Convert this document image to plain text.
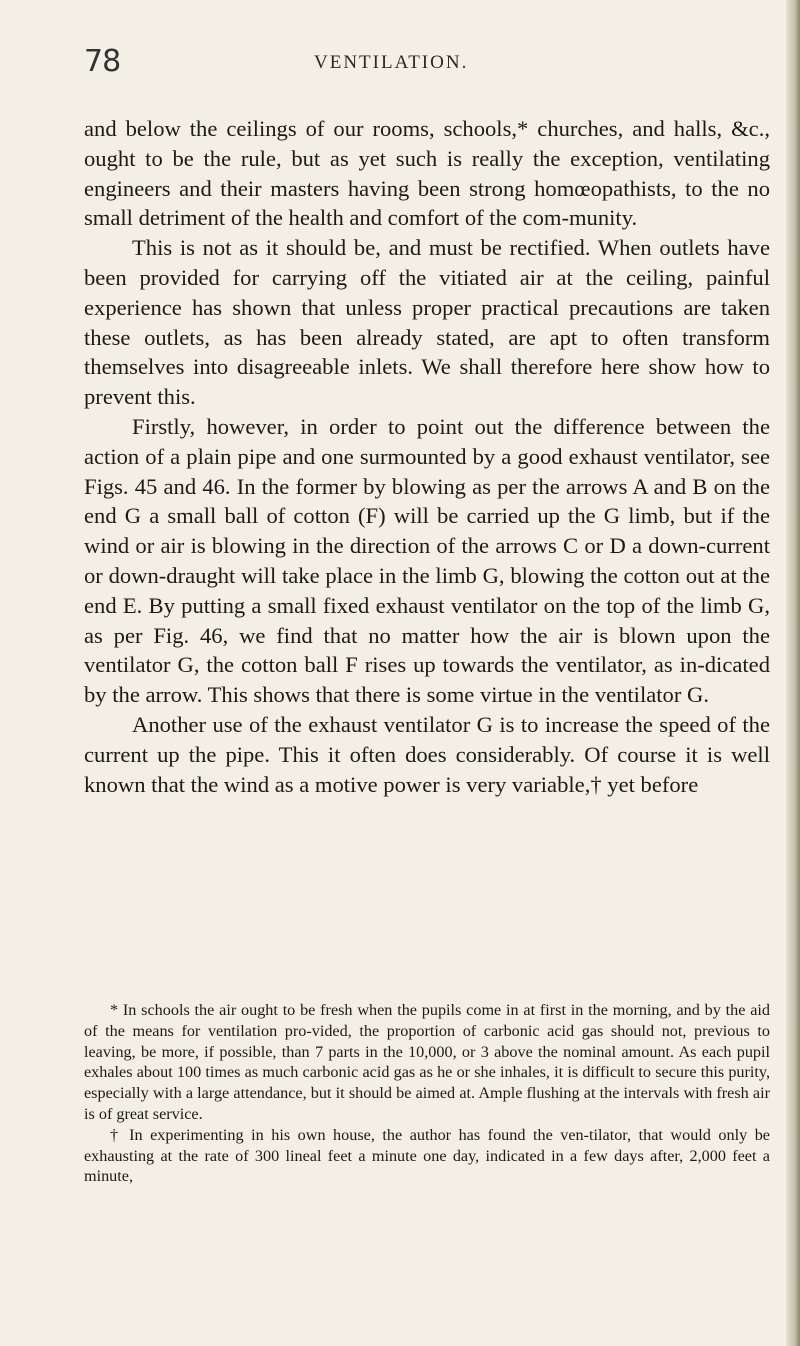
78	VENTILATION.

and below the ceilings of our rooms, schools,* churches, and halls, &c., ought to be the rule, but as yet such is really the exception, ventilating engineers and their masters having been strong homœopathists, to the no small detriment of the health and comfort of the com-munity.

This is not as it should be, and must be rectified. When outlets have been provided for carrying off the vitiated air at the ceiling, painful experience has shown that unless proper practical precautions are taken these outlets, as has been already stated, are apt to often transform themselves into disagreeable inlets. We shall therefore here show how to prevent this.

Firstly, however, in order to point out the difference between the action of a plain pipe and one surmounted by a good exhaust ventilator, see Figs. 45 and 46. In the former by blowing as per the arrows A and B on the end G a small ball of cotton (F) will be carried up the G limb, but if the wind or air is blowing in the direction of the arrows C or D a down-current or down-draught will take place in the limb G, blowing the cotton out at the end E. By putting a small fixed exhaust ventilator on the top of the limb G, as per Fig. 46, we find that no matter how the air is blown upon the ventilator G, the cotton ball F rises up towards the ventilator, as in-dicated by the arrow. This shows that there is some virtue in the ventilator G.

Another use of the exhaust ventilator G is to increase the speed of the current up the pipe. This it often does considerably. Of course it is well known that the wind as a motive power is very variable,† yet before

* In schools the air ought to be fresh when the pupils come in at first in the morning, and by the aid of the means for ventilation pro-vided, the proportion of carbonic acid gas should not, previous to leaving, be more, if possible, than 7 parts in the 10,000, or 3 above the nominal amount. As each pupil exhales about 100 times as much carbonic acid gas as he or she inhales, it is difficult to secure this purity, especially with a large attendance, but it should be aimed at. Ample flushing at the intervals with fresh air is of great service.

† In experimenting in his own house, the author has found the ven-tilator, that would only be exhausting at the rate of 300 lineal feet a minute one day, indicated in a few days after, 2,000 feet a minute,
